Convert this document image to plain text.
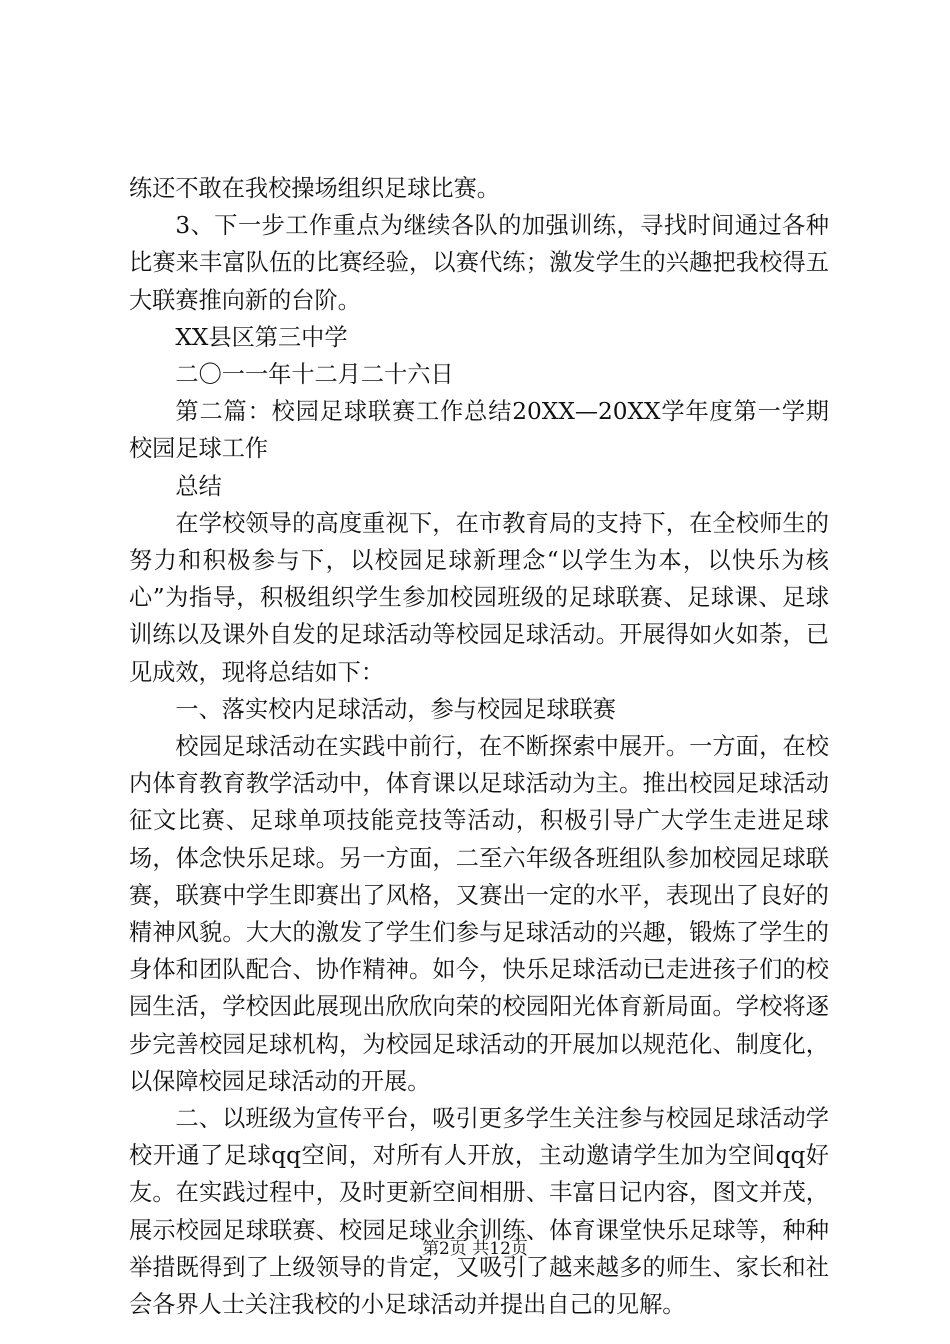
练还不敢在我校操场组织足球比赛。

3、下一步工作重点为继续各队的加强训练，寻找时间通过各种比赛来丰富队伍的比赛经验，以赛代练；激发学生的兴趣把我校得五大联赛推向新的台阶。

XX县区第三中学

二〇一一年十二月二十六日

第二篇：校园足球联赛工作总结20XX—20XX学年度第一学期校园足球工作

总结

在学校领导的高度重视下，在市教育局的支持下，在全校师生的努力和积极参与下，以校园足球新理念“以学生为本，以快乐为核心”为指导，积极组织学生参加校园班级的足球联赛、足球课、足球训练以及课外自发的足球活动等校园足球活动。开展得如火如荼，已见成效，现将总结如下：

一、落实校内足球活动，参与校园足球联赛

校园足球活动在实践中前行，在不断探索中展开。一方面，在校内体育教育教学活动中，体育课以足球活动为主。推出校园足球活动征文比赛、足球单项技能竞技等活动，积极引导广大学生走进足球场，体念快乐足球。另一方面，二至六年级各班组队参加校园足球联赛，联赛中学生即赛出了风格，又赛出一定的水平，表现出了良好的精神风貌。大大的激发了学生们参与足球活动的兴趣，锻炼了学生的身体和团队配合、协作精神。如今，快乐足球活动已走进孩子们的校园生活，学校因此展现出欣欣向荣的校园阳光体育新局面。学校将逐步完善校园足球机构，为校园足球活动的开展加以规范化、制度化，以保障校园足球活动的开展。

二、以班级为宣传平台，吸引更多学生关注参与校园足球活动学校开通了足球qq空间，对所有人开放，主动邀请学生加为空间qq好友。在实践过程中，及时更新空间相册、丰富日记内容，图文并茂，展示校园足球联赛、校园足球业余训练、体育课堂快乐足球等，种种举措既得到了上级领导的肯定，又吸引了越来越多的师生、家长和社会各界人士关注我校的小足球活动并提出自己的见解。

第2页 共12页
